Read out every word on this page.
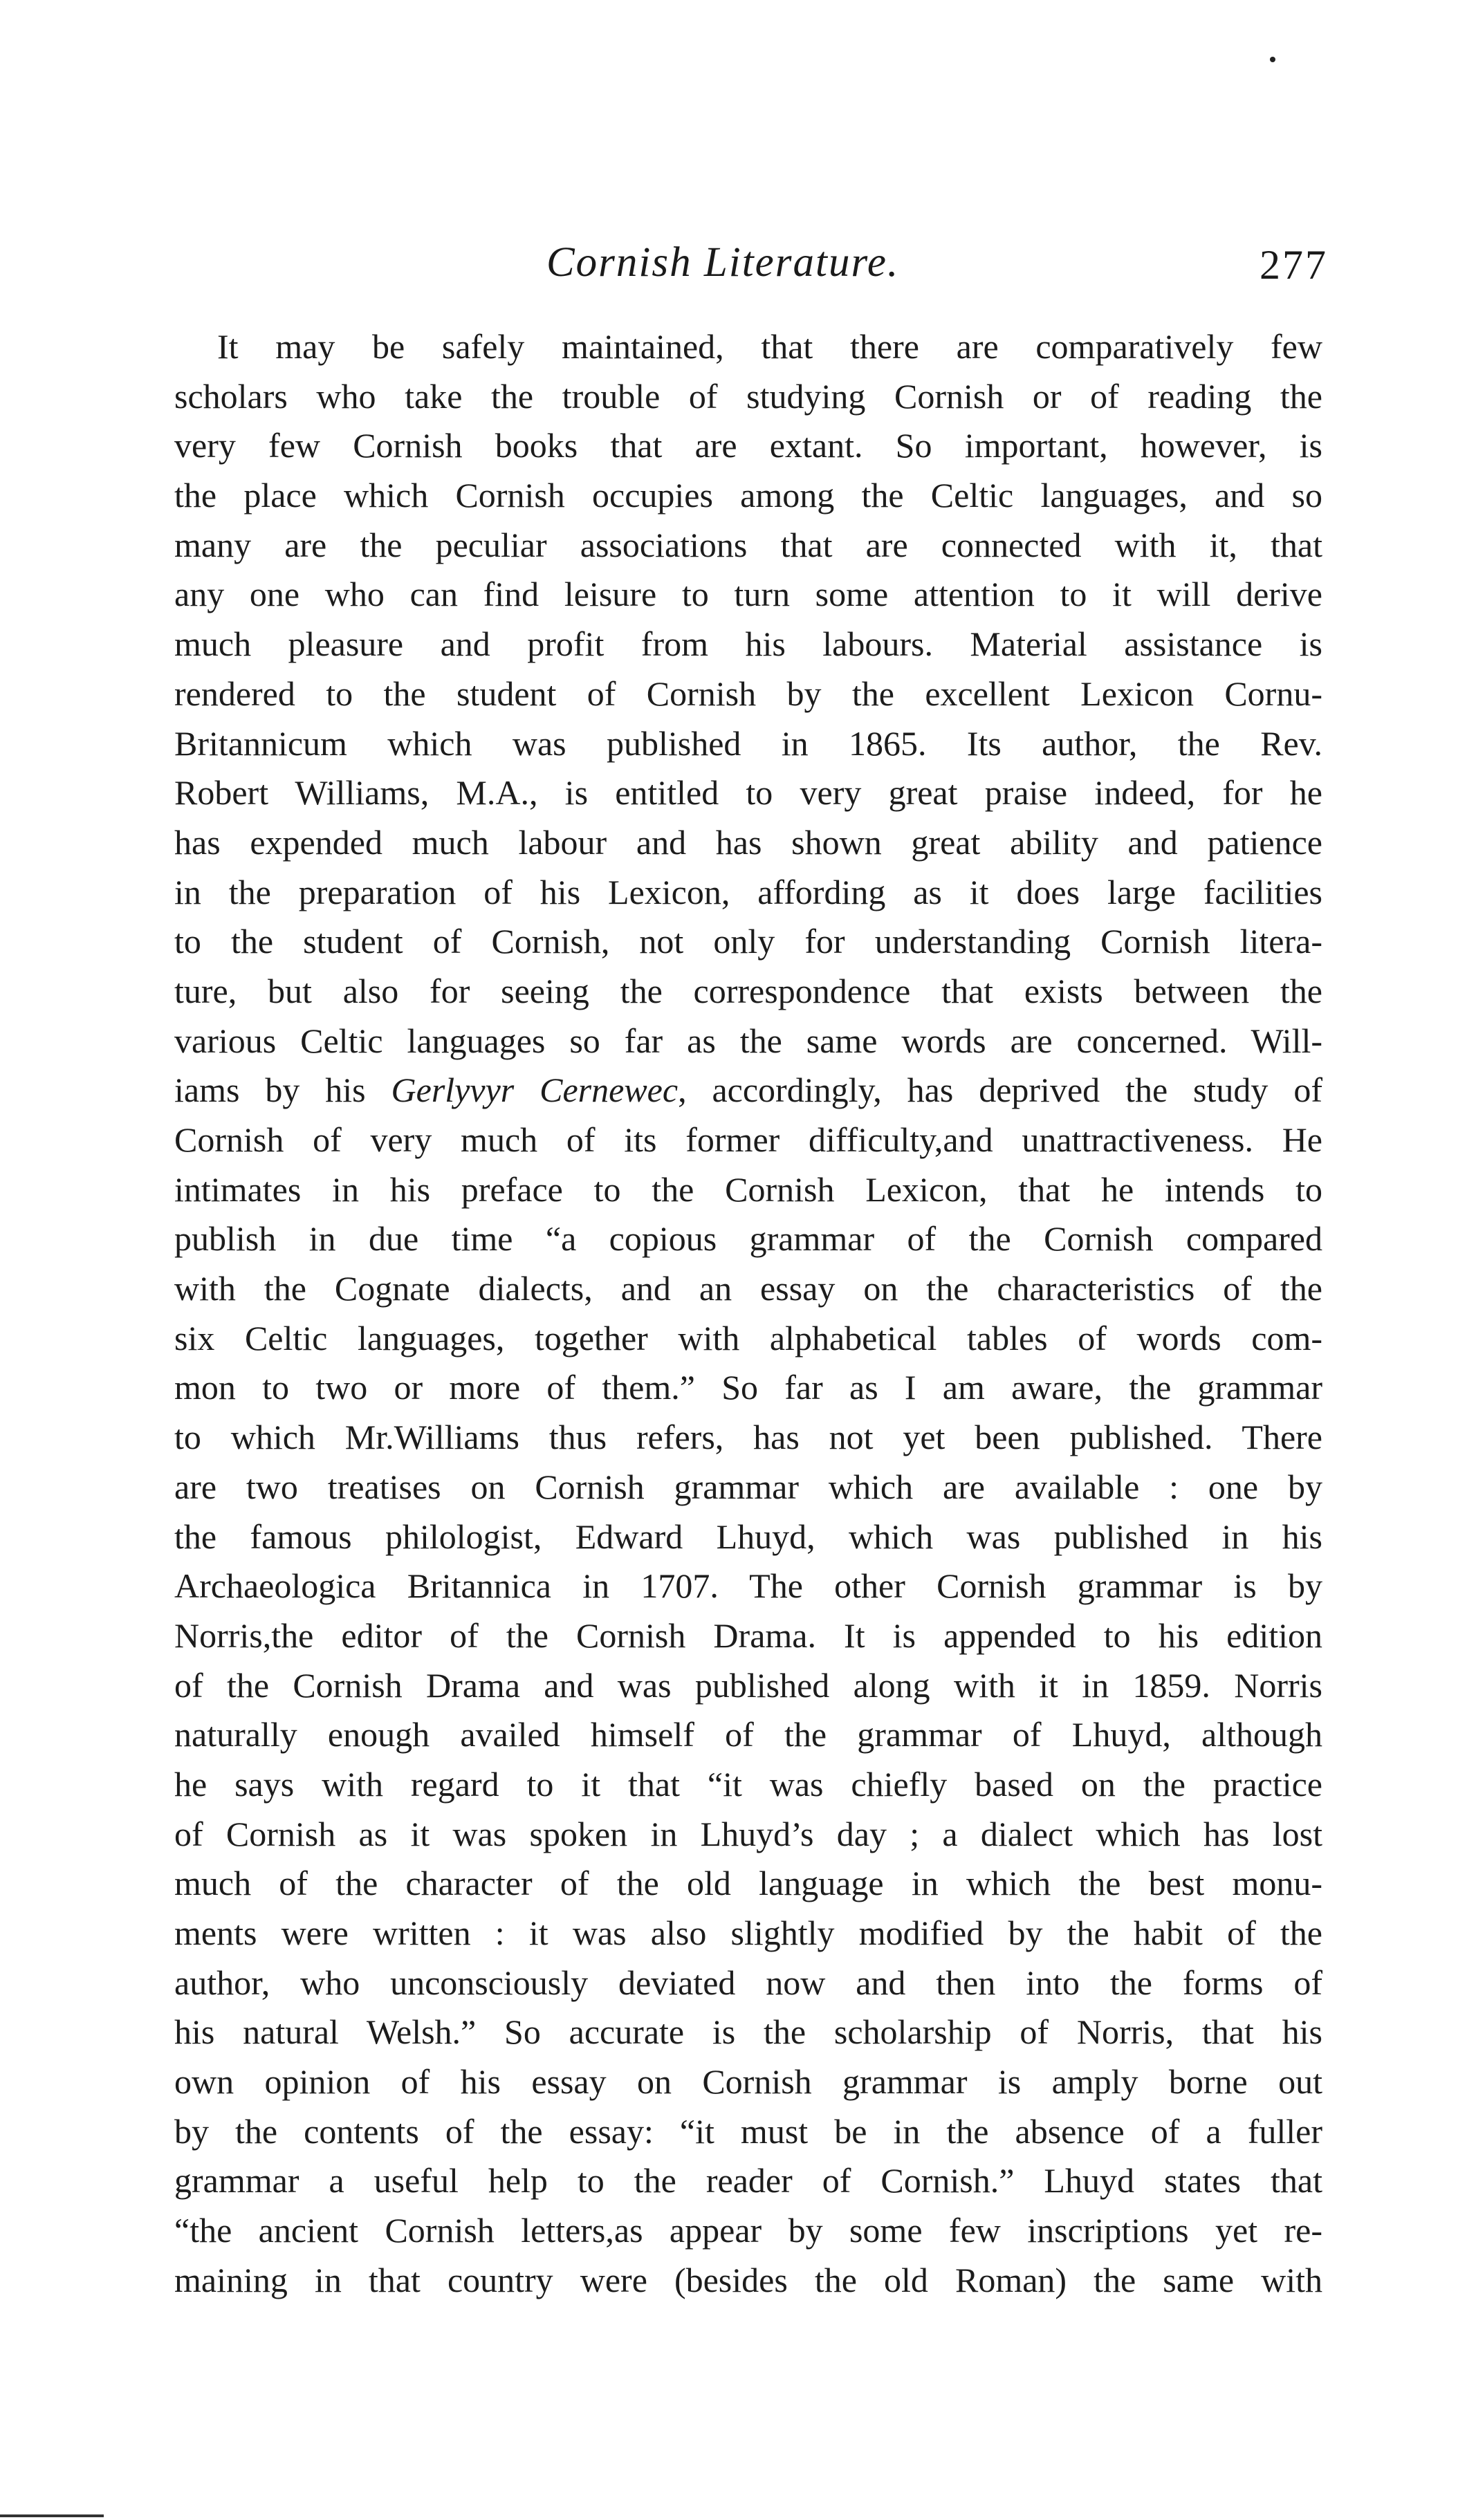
Cornish Literature.	277
It may be safely maintained, that there are comparatively few
scholars who take the trouble of studying Cornish or of reading the
very few Cornish books that are extant. So important, however, is
the place which Cornish occupies among the Celtic languages, and so
many are the peculiar associations that are connected with it, that
any one who can find leisure to turn some attention to it will derive
much pleasure and profit from his labours. Material assistance is
rendered to the student of Cornish by the excellent Lexicon Cornu-
Britannicum which was published in 1865. Its author, the Rev.
Robert Williams, M.A., is entitled to very great praise indeed, for he
has expended much labour and has shown great ability and patience
in the preparation of his Lexicon, affording as it does large facilities
to the student of Cornish, not only for understanding Cornish litera-
ture, but also for seeing the correspondence that exists between the
various Celtic languages so far as the same words are concerned. Will-
iams by his Gerlyvyr Cernewec, accordingly, has deprived the study of
Cornish of very much of its former difficulty,and unattractiveness. He
intimates in his preface to the Cornish Lexicon, that he intends to
publish in due time “a copious grammar of the Cornish compared
with the Cognate dialects, and an essay on the characteristics of the
six Celtic languages, together with alphabetical tables of words com-
mon to two or more of them.” So far as I am aware, the grammar
to which Mr.Williams thus refers, has not yet been published. There
are two treatises on Cornish grammar which are available : one by
the famous philologist, Edward Lhuyd, which was published in his
Archaeologica Britannica in 1707. The other Cornish grammar is by
Norris,the editor of the Cornish Drama. It is appended to his edition
of the Cornish Drama and was published along with it in 1859. Norris
naturally enough availed himself of the grammar of Lhuyd, although
he says with regard to it that “it was chiefly based on the practice
of Cornish as it was spoken in Lhuyd’s day ; a dialect which has lost
much of the character of the old language in which the best monu-
ments were written : it was also slightly modified by the habit of the
author, who unconsciously deviated now and then into the forms of
his natural Welsh.” So accurate is the scholarship of Norris, that his
own opinion of his essay on Cornish grammar is amply borne out
by the contents of the essay: “it must be in the absence of a fuller
grammar a useful help to the reader of Cornish.” Lhuyd states that
“the ancient Cornish letters,as appear by some few inscriptions yet re-
maining in that country were (besides the old Roman) the same with
